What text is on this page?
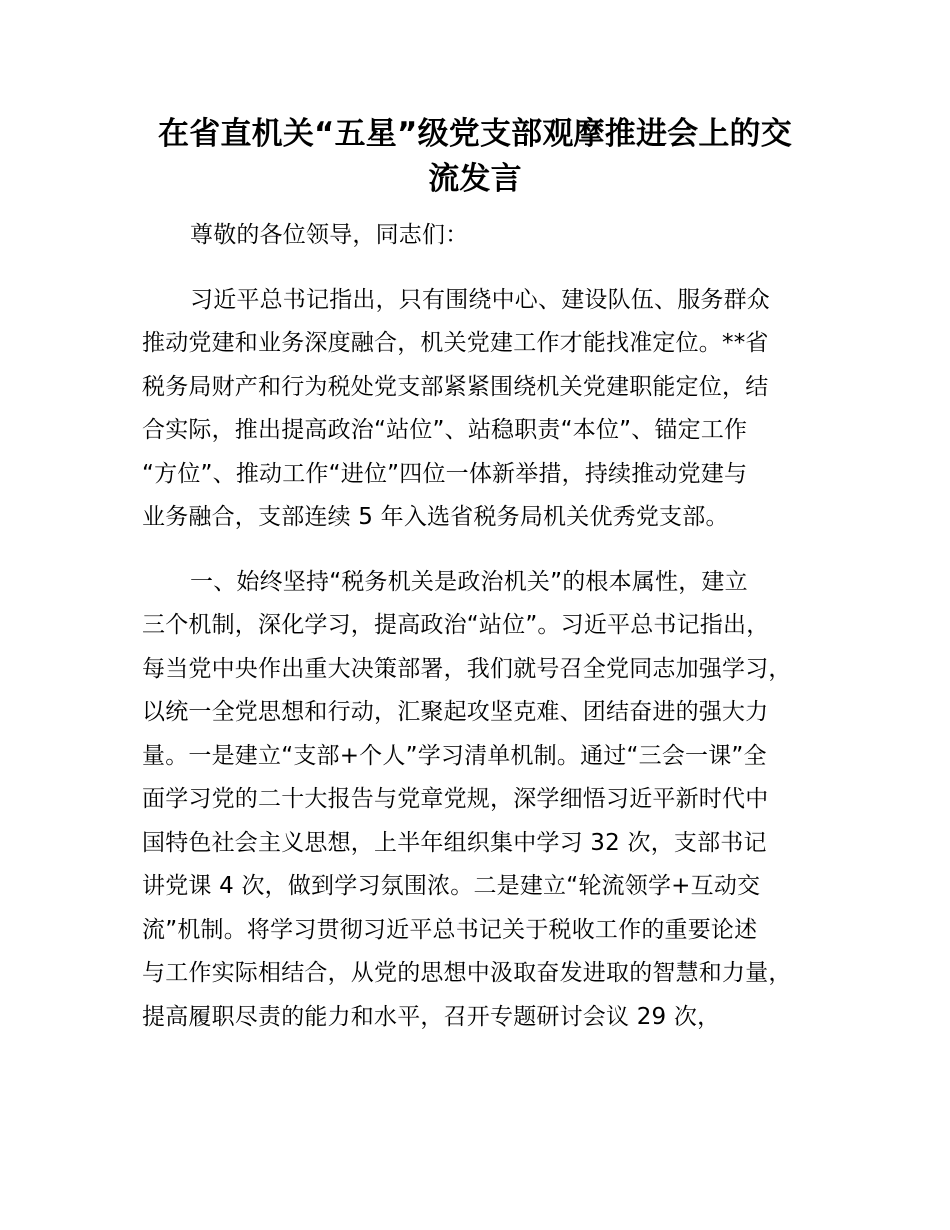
在省直机关“五星”级党支部观摩推进会上的交
流发言
尊敬的各位领导，同志们：
习近平总书记指出，只有围绕中心、建设队伍、服务群众
推动党建和业务深度融合，机关党建工作才能找准定位。**省
税务局财产和行为税处党支部紧紧围绕机关党建职能定位，结
合实际，推出提高政治“站位”、站稳职责“本位”、锚定工作
“方位”、推动工作“进位”四位一体新举措，持续推动党建与
业务融合，支部连续 5 年入选省税务局机关优秀党支部。
一、始终坚持“税务机关是政治机关”的根本属性，建立
三个机制，深化学习，提高政治“站位”。习近平总书记指出，
每当党中央作出重大决策部署，我们就号召全党同志加强学习，
以统一全党思想和行动，汇聚起攻坚克难、团结奋进的强大力
量。一是建立“支部+个人”学习清单机制。通过“三会一课”全
面学习党的二十大报告与党章党规，深学细悟习近平新时代中
国特色社会主义思想，上半年组织集中学习 32 次，支部书记
讲党课 4 次，做到学习氛围浓。二是建立“轮流领学+互动交
流”机制。将学习贯彻习近平总书记关于税收工作的重要论述
与工作实际相结合，从党的思想中汲取奋发进取的智慧和力量，
提高履职尽责的能力和水平，召开专题研讨会议 29 次，
